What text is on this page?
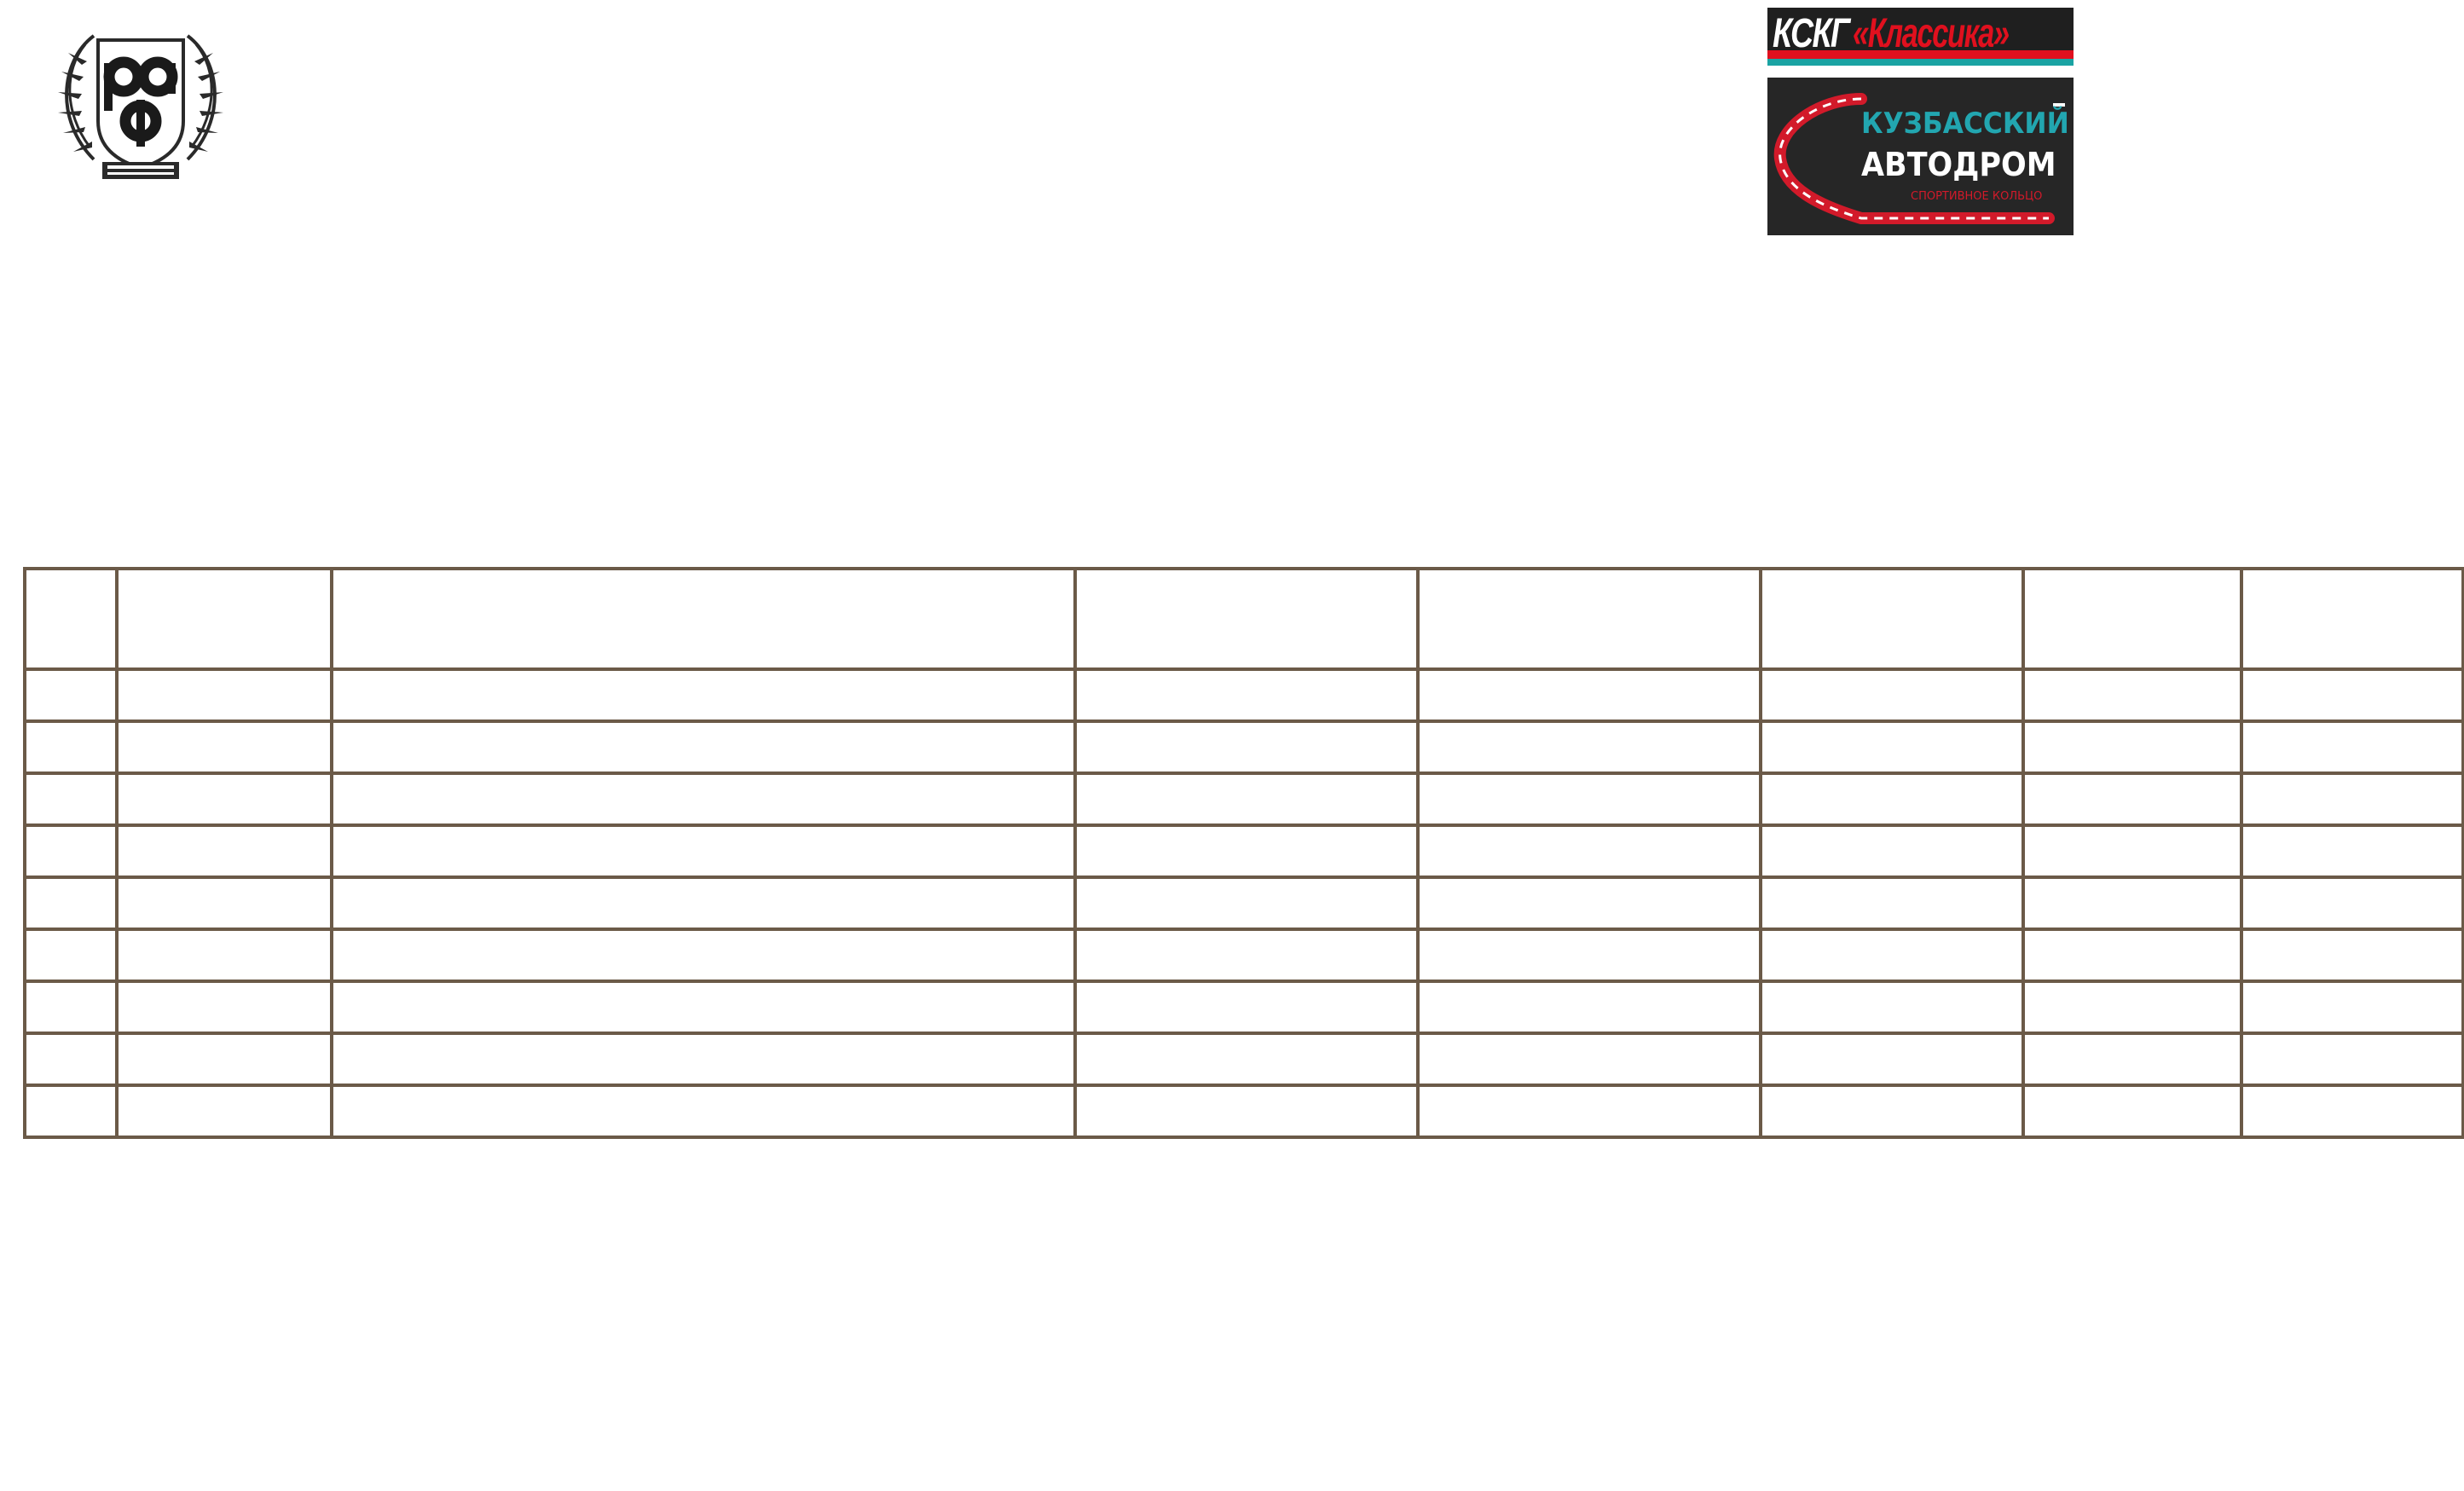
КСКГ «Классика»
КУЗБАССКИЙ
АВТОДРОМ
СПОРТИВНОЕ КОЛЬЦО
